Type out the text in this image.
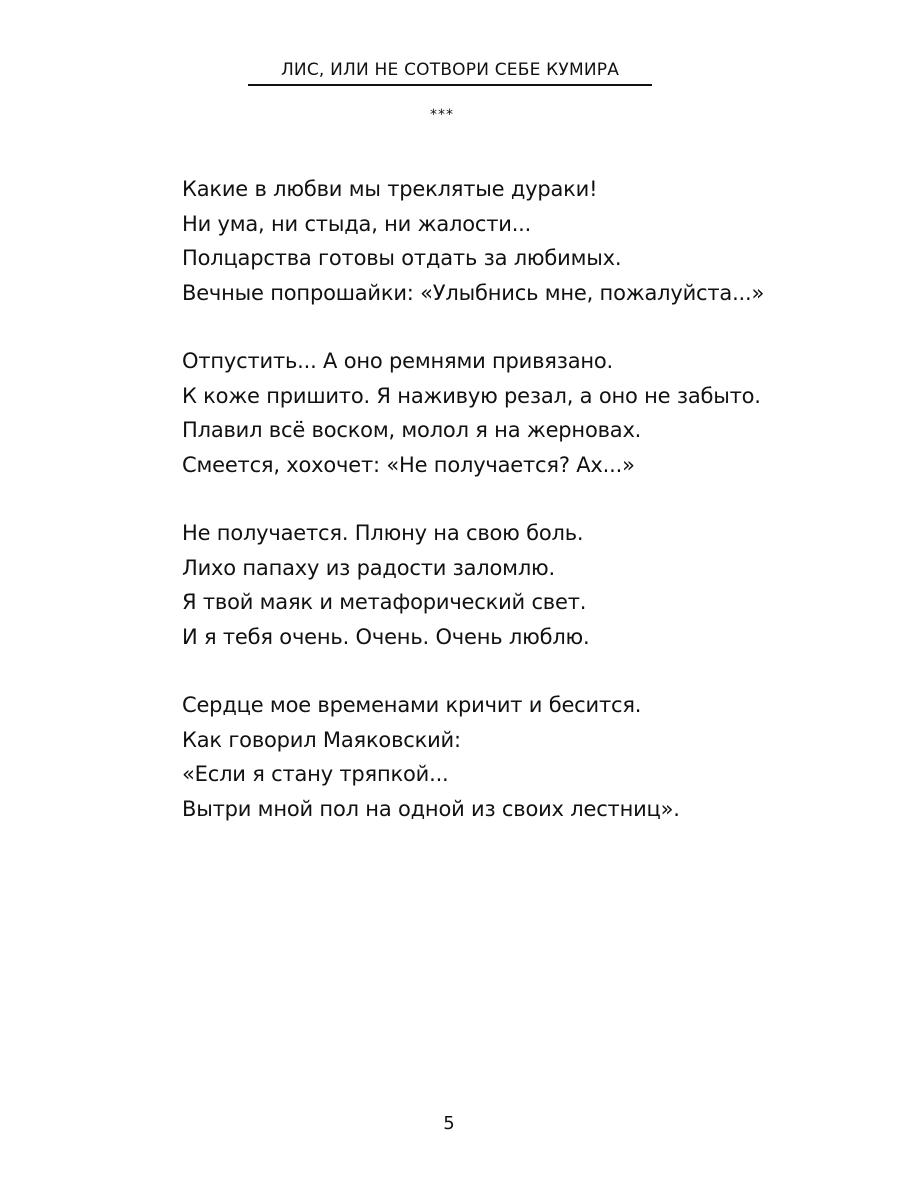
ЛИС, ИЛИ НЕ СОТВОРИ СЕБЕ КУМИРА
***
Какие в любви мы треклятые дураки!
Ни ума, ни стыда, ни жалости...
Полцарства готовы отдать за любимых.
Вечные попрошайки: «Улыбнись мне, пожалуйста...»
Отпустить... А оно ремнями привязано.
К коже пришито. Я наживую резал, а оно не забыто.
Плавил всё воском, молол я на жерновах.
Смеется, хохочет: «Не получается? Ах...»
Не получается. Плюну на свою боль.
Лихо папаху из радости заломлю.
Я твой маяк и метафорический свет.
И я тебя очень. Очень. Очень люблю.
Сердце мое временами кричит и бесится.
Как говорил Маяковский:
«Если я стану тряпкой...
Вытри мной пол на одной из своих лестниц».
5
